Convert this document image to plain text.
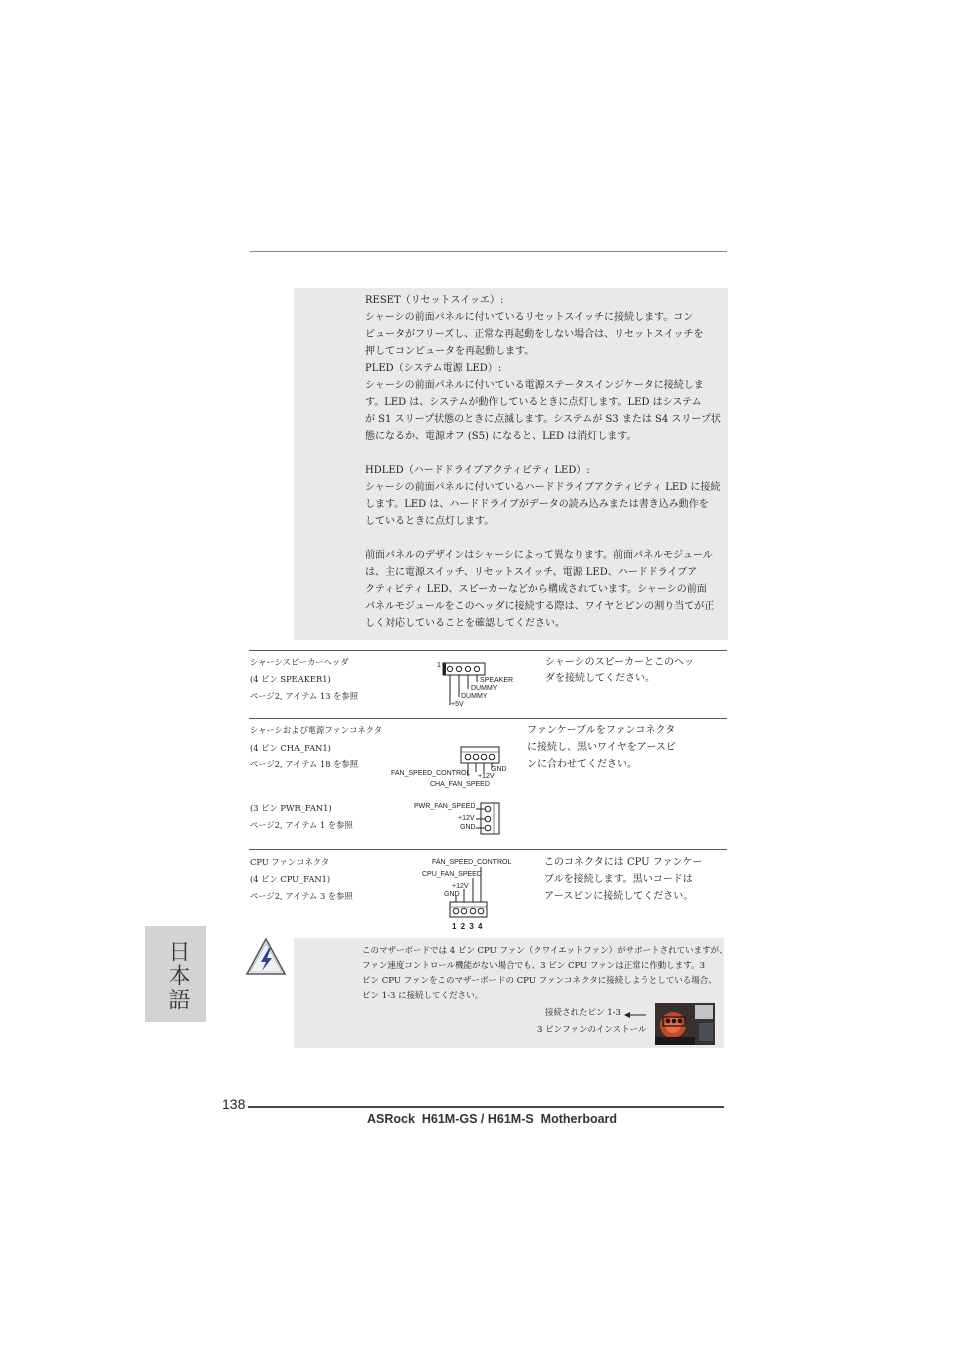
RESET（リセットスイッエ）:
シャーシの前面パネルに付いているリセットスイッチに接続します。コン
ピュータがフリーズし、正常な再起動をしない場合は、リセットスイッチを
押してコンピュータを再起動します。
PLED（システム電源 LED）:
シャーシの前面パネルに付いている電源ステータスインジケータに接続しま
す。LED は、システムが動作しているときに点灯します。LED はシステム
が S1 スリープ状態のときに点滅します。システムが S3 または S4 スリープ状
態になるか、電源オフ (S5) になると、LED は消灯します。

HDLED（ハードドライブアクティビティ LED）:
シャーシの前面パネルに付いているハードドライブアクティビティ LED に接続
します。LED は、ハードドライブがデータの読み込みまたは書き込み動作を
しているときに点灯します。

前面パネルのデザインはシャーシによって異なります。前面パネルモジュール
は、主に電源スイッチ、リセットスイッチ、電源 LED、ハードドライブア
クティビティ LED、スピーカーなどから構成されています。シャーシの前面
パネルモジュールをこのヘッダに接続する際は、ワイヤとピンの割り当てが正
しく対応していることを確認してください。
シャーシスピーカーヘッダ
(4 ピン SPEAKER1)
ページ2, アイテム 13 を参照
シャーシのスピーカーとこのヘッ
ダを接続してください。
1
SPEAKER
DUMMY
DUMMY
+5V
シャーシおよび電源ファンコネクタ
(4 ピン CHA_FAN1)
ページ2, アイテム 18 を参照
ファンケーブルをファンコネクタ
に接続し、黒いワイヤをアースピ
ンに合わせてください。
GND
+12V
FAN_SPEED_CONTROL
CHA_FAN_SPEED
(3 ピン PWR_FAN1)
ページ2, アイテム 1 を参照
PWR_FAN_SPEED
+12V
GND
CPU ファンコネクタ
(4 ピン CPU_FAN1)
ページ2, アイテム 3 を参照
このコネクタには CPU ファンケー
ブルを接続します。黒いコードは
アースピンに接続してください。
FAN_SPEED_CONTROL
CPU_FAN_SPEED
+12V
GND
1 2 3 4
日本語	このマザーボードでは 4 ピン CPU ファン（クワイエットファン）がサポートされていますが、
ファン速度コントロール機能がない場合でも、3 ピン CPU ファンは正常に作動します。3
ピン CPU ファンをこのマザーボードの CPU ファンコネクタに接続しようとしている場合、
ピン 1-3 に接続してください。
接続されたピン 1-3
3 ピンファンのインストール
138
ASRock  H61M-GS / H61M-S  Motherboard
